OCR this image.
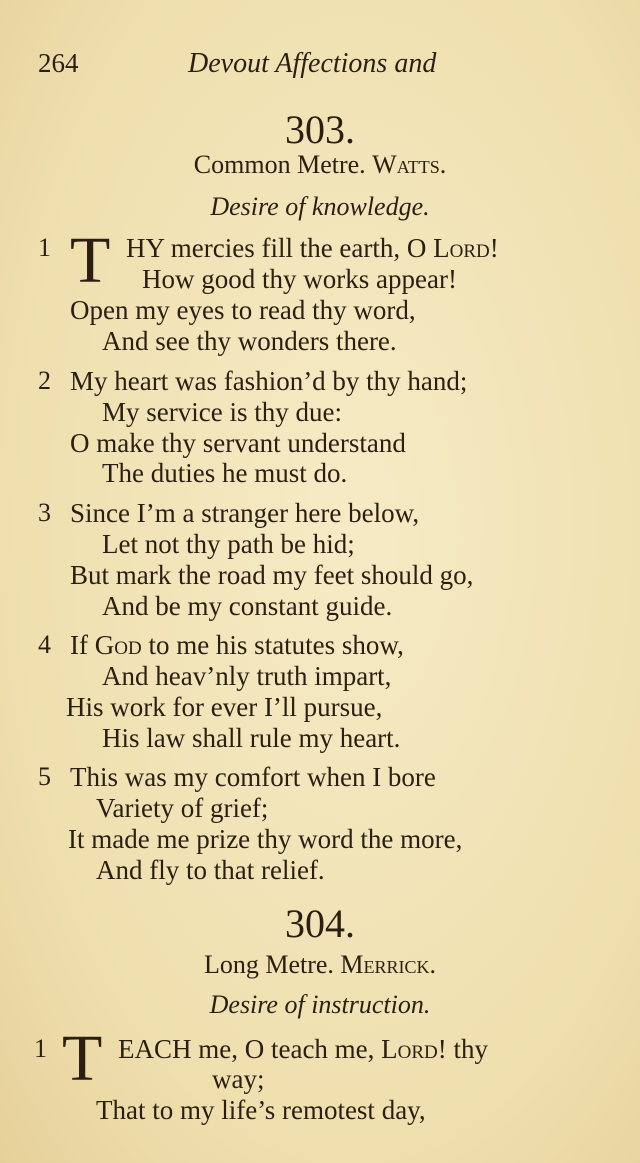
264	Devout Affections and
303.
Common Metre. Watts.
Desire of knowledge.
1 T HY mercies fill the earth, O Lord!
How good thy works appear!
Open my eyes to read thy word,
And see thy wonders there.
2 My heart was fashion’d by thy hand;
My service is thy due:
O make thy servant understand
The duties he must do.
3 Since I’m a stranger here below,
Let not thy path be hid;
But mark the road my feet should go,
And be my constant guide.
4 If God to me his statutes show,
And heav’nly truth impart,
His work for ever I’ll pursue,
His law shall rule my heart.
5 This was my comfort when I bore
Variety of grief;
It made me prize thy word the more,
And fly to that relief.
304.
Long Metre. Merrick.
Desire of instruction.
1 T EACH me, O teach me, Lord! thy
way;
That to my life’s remotest day,
